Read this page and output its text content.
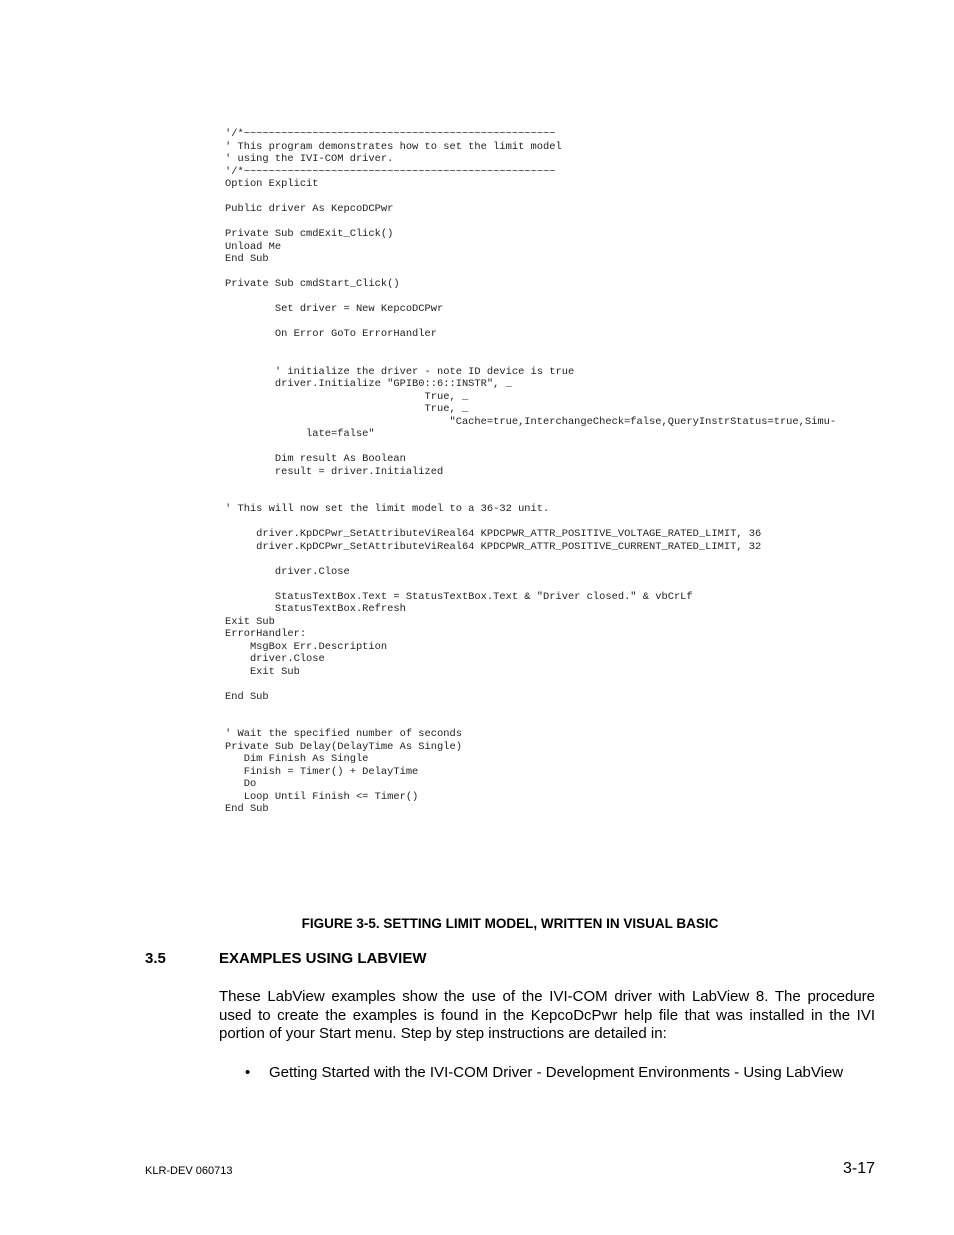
'/*~~~~~~~~~~~~~~~~~~~~~~~~~~~~~~~~~~~~~~~~~~~~~~~~~~
' This program demonstrates how to set the limit model
' using the IVI-COM driver.
'/*~~~~~~~~~~~~~~~~~~~~~~~~~~~~~~~~~~~~~~~~~~~~~~~~~~
Option Explicit

Public driver As KepcoDCPwr

Private Sub cmdExit_Click()
Unload Me
End Sub

Private Sub cmdStart_Click()

Set driver = New KepcoDCPwr

On Error GoTo ErrorHandler

' initialize the driver - note ID device is true
driver.Initialize "GPIB0::6::INSTR", _
True, _
True, _
"Cache=true,InterchangeCheck=false,QueryInstrStatus=true,Simu-
late=false"

Dim result As Boolean
result = driver.Initialized

' This will now set the limit model to a 36-32 unit.

driver.KpDCPwr_SetAttributeViReal64 KPDCPWR_ATTR_POSITIVE_VOLTAGE_RATED_LIMIT, 36
driver.KpDCPwr_SetAttributeViReal64 KPDCPWR_ATTR_POSITIVE_CURRENT_RATED_LIMIT, 32

driver.Close

StatusTextBox.Text = StatusTextBox.Text & "Driver closed." & vbCrLf
StatusTextBox.Refresh
Exit Sub
ErrorHandler:
MsgBox Err.Description
driver.Close
Exit Sub

End Sub

' Wait the specified number of seconds
Private Sub Delay(DelayTime As Single)
Dim Finish As Single
Finish = Timer() + DelayTime
Do
Loop Until Finish <= Timer()
End Sub
FIGURE 3-5. SETTING LIMIT MODEL, WRITTEN IN VISUAL BASIC
3.5	EXAMPLES USING LABVIEW

These LabView examples show the use of the IVI-COM driver with LabView 8. The procedure used to create the examples is found in the KepcoDcPwr help file that was installed in the IVI portion of your Start menu. Step by step instructions are detailed in:

• Getting Started with the IVI-COM Driver - Development Environments - Using LabView
KLR-DEV 060713	3-17
